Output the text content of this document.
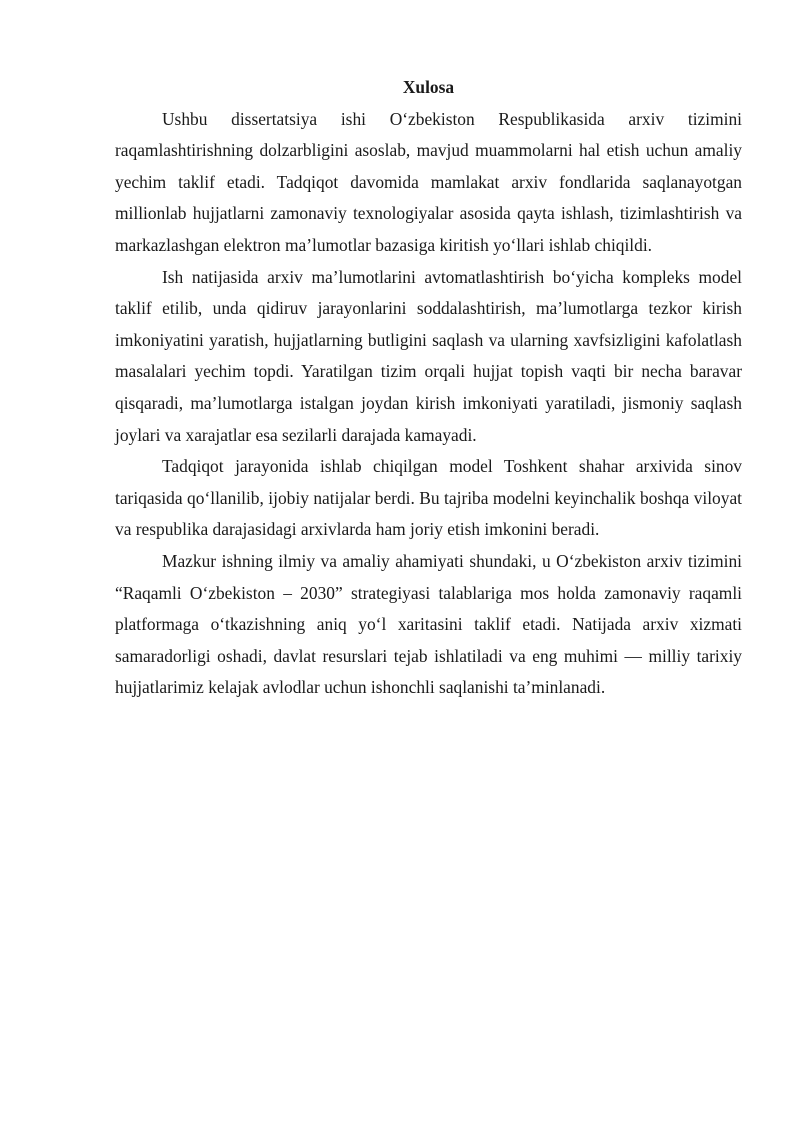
Xulosa

Ushbu dissertatsiya ishi O‘zbekiston Respublikasida arxiv tizimini raqamlashtirishning dolzarbligini asoslab, mavjud muammolarni hal etish uchun amaliy yechim taklif etadi. Tadqiqot davomida mamlakat arxiv fondlarida saqlanayotgan millionlab hujjatlarni zamonaviy texnologiyalar asosida qayta ishlash, tizimlashtirish va markazlashgan elektron ma’lumotlar bazasiga kiritish yo‘llari ishlab chiqildi.

Ish natijasida arxiv ma’lumotlarini avtomatlashtirish bo‘yicha kompleks model taklif etilib, unda qidiruv jarayonlarini soddalashtirish, ma’lumotlarga tezkor kirish imkoniyatini yaratish, hujjatlarning butligini saqlash va ularning xavfsizligini kafolatlash masalalari yechim topdi. Yaratilgan tizim orqali hujjat topish vaqti bir necha baravar qisqaradi, ma’lumotlarga istalgan joydan kirish imkoniyati yaratiladi, jismoniy saqlash joylari va xarajatlar esa sezilarli darajada kamayadi.

Tadqiqot jarayonida ishlab chiqilgan model Toshkent shahar arxivida sinov tariqasida qo‘llanilib, ijobiy natijalar berdi. Bu tajriba modelni keyinchalik boshqa viloyat va respublika darajasidagi arxivlarda ham joriy etish imkonini beradi.

Mazkur ishning ilmiy va amaliy ahamiyati shundaki, u O‘zbekiston arxiv tizimini “Raqamli O‘zbekiston – 2030” strategiyasi talablariga mos holda zamonaviy raqamli platformaga o‘tkazishning aniq yo‘l xaritasini taklif etadi. Natijada arxiv xizmati samaradorligi oshadi, davlat resurslari tejab ishlatiladi va eng muhimi — milliy tarixiy hujjatlarimiz kelajak avlodlar uchun ishonchli saqlanishi ta’minlanadi.
